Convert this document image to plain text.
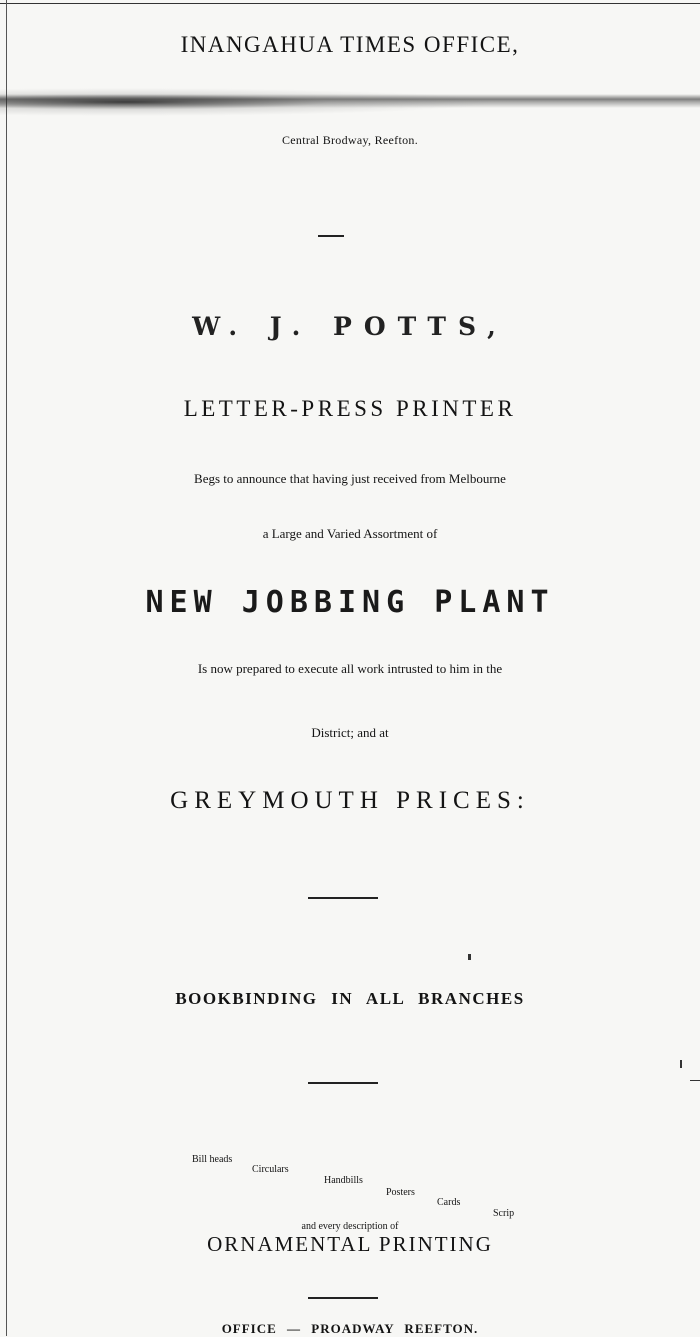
INANGAHUA TIMES OFFICE,
Central Brodway, Reefton.
W. J. POTTS,
LETTER-PRESS PRINTER
Begs to announce that having just received from Melbourne
a Large and Varied Assortment of
NEW JOBBING PLANT
Is now prepared to execute all work intrusted to him in the
District; and at
GREYMOUTH PRICES:
BOOKBINDING IN ALL BRANCHES
Bill heads
Circulars
Handbills
Posters
Cards
Scrip
and every description of
ORNAMENTAL PRINTING
OFFICE — PROADWAY REEFTON.
